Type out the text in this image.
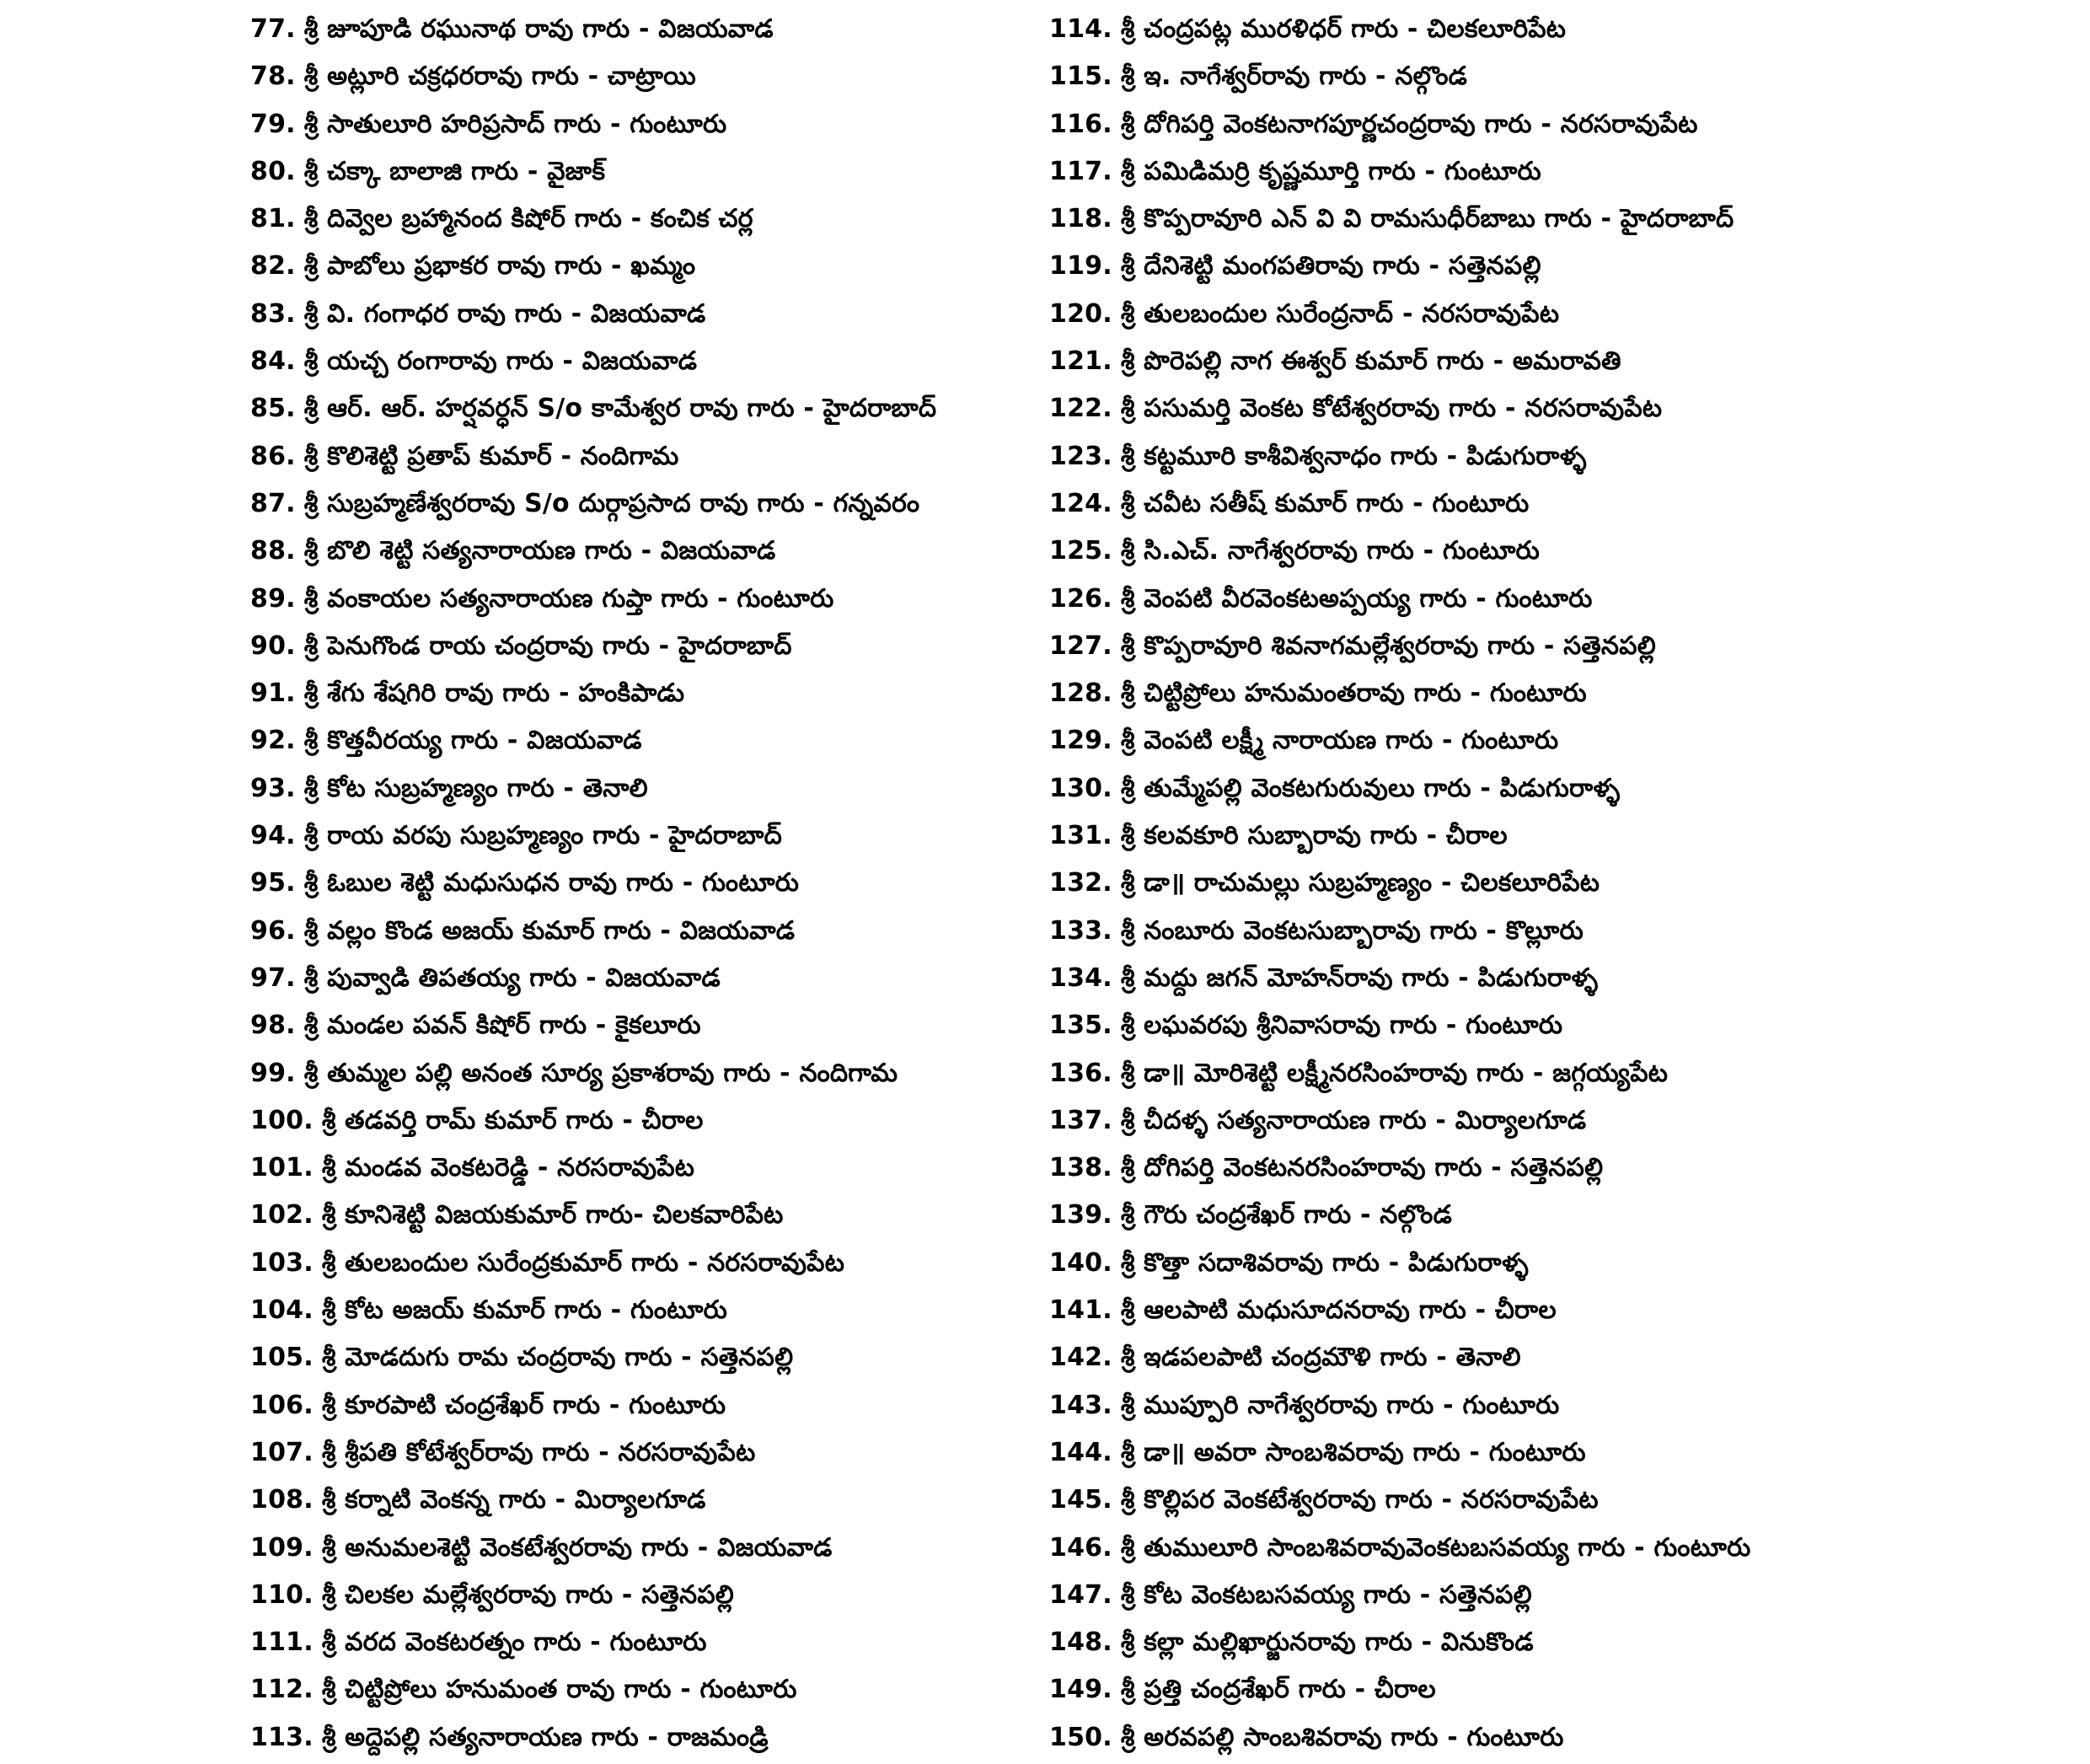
77. శ్రీ జూపూడి రఘునాథ రావు గారు - విజయవాడ
78. శ్రీ అట్లూరి చక్రధరరావు గారు - చాట్రాయి
79. శ్రీ సాతులూరి హరిప్రసాద్ గారు - గుంటూరు
80. శ్రీ చక్కా బాలాజి గారు - వైజాక్
81. శ్రీ దివ్వెల బ్రహ్మానంద కిషోర్ గారు - కంచిక చర్ల
82. శ్రీ పాబోలు ప్రభాకర రావు గారు - ఖమ్మం
83. శ్రీ వి. గంగాధర రావు గారు - విజయవాడ
84. శ్రీ యచ్చ రంగారావు గారు - విజయవాడ
85. శ్రీ ఆర్. ఆర్. హర్షవర్ధన్ S/o కామేశ్వర రావు గారు - హైదరాబాద్
86. శ్రీ కొలిశెట్టి ప్రతాప్ కుమార్ - నందిగామ
87. శ్రీ సుబ్రహ్మణేశ్వరరావు S/o దుర్గాప్రసాద రావు గారు - గన్నవరం
88. శ్రీ బొలి శెట్టి సత్యనారాయణ గారు - విజయవాడ
89. శ్రీ వంకాయల సత్యనారాయణ గుప్తా గారు - గుంటూరు
90. శ్రీ పెనుగొండ రాయ చంద్రరావు గారు - హైదరాబాద్
91. శ్రీ శేగు శేషగిరి రావు గారు - హంకిపాడు
92. శ్రీ కొత్తవీరయ్య గారు - విజయవాడ
93. శ్రీ కోట సుబ్రహ్మణ్యం గారు - తెనాలి
94. శ్రీ రాయ వరపు సుబ్రహ్మణ్యం గారు - హైదరాబాద్
95. శ్రీ ఓబుల శెట్టి మధుసుధన రావు గారు - గుంటూరు
96. శ్రీ వల్లం కొండ అజయ్ కుమార్ గారు - విజయవాడ
97. శ్రీ పువ్వాడి తిపతయ్య గారు - విజయవాడ
98. శ్రీ మండల పవన్ కిషోర్ గారు - కైకలూరు
99. శ్రీ తుమ్మల పల్లి అనంత సూర్య ప్రకాశరావు గారు - నందిగామ
100. శ్రీ తడవర్తి రామ్ కుమార్ గారు - చీరాల
101. శ్రీ మండవ వెంకటరెడ్డి - నరసరావుపేట
102. శ్రీ కూనిశెట్టి విజయకుమార్ గారు- చిలకవారిపేట
103. శ్రీ తులబందుల సురేంద్రకుమార్ గారు - నరసరావుపేట
104. శ్రీ కోట అజయ్ కుమార్ గారు - గుంటూరు
105. శ్రీ మోడదుగు రామ చంద్రరావు గారు - సత్తెనపల్లి
106. శ్రీ కూరపాటి చంద్రశేఖర్ గారు - గుంటూరు
107. శ్రీ శ్రీపతి కోటేశ్వర్‌రావు గారు - నరసరావుపేట
108. శ్రీ కర్నాటి వెంకన్న గారు - మిర్యాలగూడ
109. శ్రీ అనుమలశెట్టి వెంకటేశ్వరరావు గారు - విజయవాడ
110. శ్రీ చిలకల మల్లేశ్వరరావు గారు - సత్తెనపల్లి
111. శ్రీ వరద వెంకటరత్నం గారు - గుంటూరు
112. శ్రీ చిట్టిప్రోలు హనుమంత రావు గారు - గుంటూరు
113. శ్రీ అద్దెపల్లి సత్యనారాయణ గారు - రాజమండ్రి
114. శ్రీ చంద్రపట్ల మురళిధర్ గారు - చిలకలూరిపేట
115. శ్రీ ఇ. నాగేశ్వర్‌రావు గారు - నల్గొండ
116. శ్రీ దోగిపర్తి వెంకటనాగపూర్ణచంద్రరావు గారు - నరసరావుపేట
117. శ్రీ పమిడిమర్రి కృష్ణమూర్తి గారు - గుంటూరు
118. శ్రీ కొప్పరావూరి ఎన్ వి వి రామసుధీర్‌బాబు గారు - హైదరాబాద్
119. శ్రీ దేనిశెట్టి మంగపతిరావు గారు - సత్తెనపల్లి
120. శ్రీ తులబందుల సురేంద్రనాద్ - నరసరావుపేట
121. శ్రీ పొరెపల్లి నాగ ఈశ్వర్ కుమార్ గారు - అమరావతి
122. శ్రీ పసుమర్తి వెంకట కోటేశ్వరరావు గారు - నరసరావుపేట
123. శ్రీ కట్టమూరి కాశీవిశ్వనాధం గారు - పిడుగురాళ్ళ
124. శ్రీ చవీట సతీష్ కుమార్ గారు - గుంటూరు
125. శ్రీ సి.ఎచ్. నాగేశ్వరరావు గారు - గుంటూరు
126. శ్రీ వెంపటి వీరవెంకటఅప్పయ్య గారు - గుంటూరు
127. శ్రీ కొప్పరావూరి శివనాగమల్లేశ్వరరావు గారు - సత్తెనపల్లి
128. శ్రీ చిట్టిప్రోలు హనుమంతరావు గారు - గుంటూరు
129. శ్రీ వెంపటి లక్ష్మీ నారాయణ గారు - గుంటూరు
130. శ్రీ తుమ్మేపల్లి వెంకటగురువులు గారు - పిడుగురాళ్ళ
131. శ్రీ కలవకూరి సుబ్బారావు గారు - చీరాల
132. శ్రీ డా॥ రాచుమల్లు సుబ్రహ్మణ్యం - చిలకలూరిపేట
133. శ్రీ నంబూరు వెంకటసుబ్బారావు గారు - కొల్లూరు
134. శ్రీ మద్దు జగన్ మోహన్‌రావు గారు - పిడుగురాళ్ళ
135. శ్రీ లఘవరపు శ్రీనివాసరావు గారు - గుంటూరు
136. శ్రీ డా॥ మోరిశెట్టి లక్ష్మీనరసింహరావు గారు - జగ్గయ్యపేట
137. శ్రీ చీదళ్ళ సత్యనారాయణ గారు - మిర్యాలగూడ
138. శ్రీ దోగిపర్తి వెంకటనరసింహరావు గారు - సత్తెనపల్లి
139. శ్రీ గౌరు చంద్రశేఖర్ గారు - నల్గొండ
140. శ్రీ కొత్తా సదాశివరావు గారు - పిడుగురాళ్ళ
141. శ్రీ ఆలపాటి మధుసూదనరావు గారు - చీరాల
142. శ్రీ ఇడపలపాటి చంద్రమౌళి గారు - తెనాలి
143. శ్రీ ముప్పూరి నాగేశ్వరరావు గారు - గుంటూరు
144. శ్రీ డా॥ అవరా సాంబశివరావు గారు - గుంటూరు
145. శ్రీ కొల్లిపర వెంకటేశ్వరరావు గారు - నరసరావుపేట
146. శ్రీ తుములూరి సాంబశివరావువెంకటబసవయ్య గారు - గుంటూరు
147. శ్రీ కోట వెంకటబసవయ్య గారు - సత్తెనపల్లి
148. శ్రీ కల్లా మల్లిఖార్జునరావు గారు - వినుకొండ
149. శ్రీ ప్రత్తి చంద్రశేఖర్ గారు - చీరాల
150. శ్రీ అరవపల్లి సాంబశివరావు గారు - గుంటూరు
